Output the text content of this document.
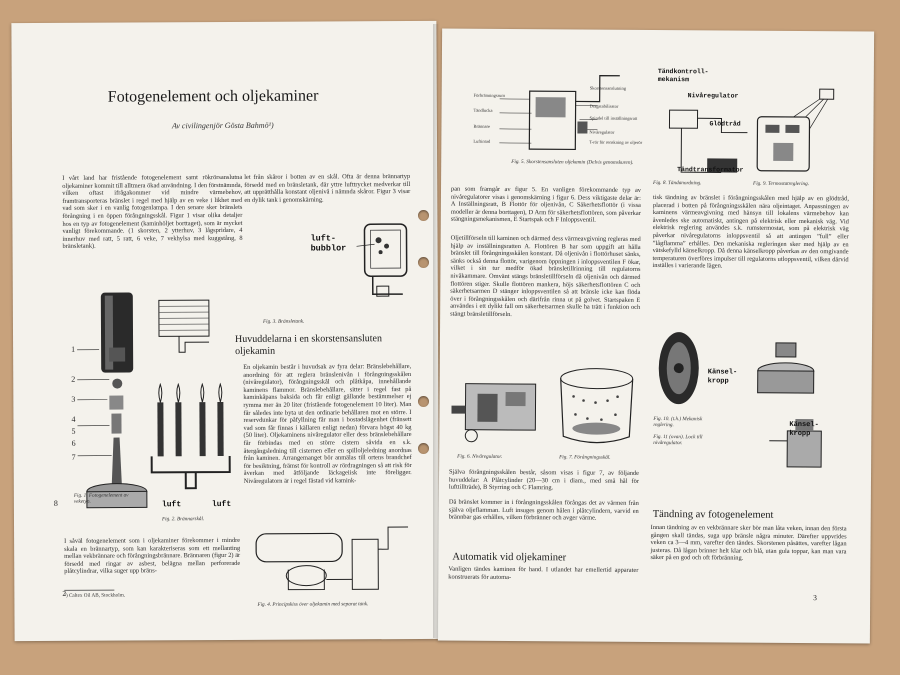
Fotogenelement och oljekaminer
Av civilingenjör Gösta Bahmö¹)

I vårt land har fristående fotogenelement samt rökrörsanslutna oljekaminer kommit till alltmera ökad användning. I den förstnämnda, vilken oftast ifrågakommer vid mindre värmebehov, framtransporteras bränslet i regel med hjälp av en veke i likhet med vad som sker i en vanlig fotogenlampa. I den senare sker bränslets förångning i en öppen förångningsskål. Figur 1 visar olika detaljer hos en typ av fotogenelement (kaminhöljet borttaget), som är mycket vanligt förekommande. (1 skorsten, 2 ytterhuv, 3 lågspridare, 4 innerhuv med ratt, 5 ratt, 6 veke, 7 vekhylsa med kuggstång, 8 bränsletank).

let från skåror i botten av en skål. Ofta är denna brännartyp försedd med en bränsletank, där yttre lufttrycket medverkar till att upprätthålla konstant oljenivå i nämnda skåror. Figur 3 visar en dylik tank i genomskärning.

luft-bubblor
Fig. 3. Bränsletank.
Huvuddelarna i en skorstensansluten oljekamin

En oljekamin består i huvudsak av fyra delar: Bränslebehållare, anordning för att reglera bränslenivån i förångningsskålen (nivåregulator), förångningsskål och plåtkåpa, innehållande kaminens flammor. Bränslebehållare, sitter i regel fast på kaminkåpans baksida och får enligt gällande bestämmelser ej rymma mer än 20 liter (fristående fotogenelement 10 liter). Man får således inte byta ut den ordinarie behållaren mot en större. I reservdunkar för påfyllning får man i bostadslägenhet (fränsett vad som får finnas i källaren enligt nedan) förvara högst 40 kg (50 liter). Oljekaminens nivåregulator eller dess bränslebehållare får förbindas med en större cistern såvida en s.k. återgångsledning till cisternen eller en spillolje​ledning anordnas från kaminen. Arrangemanget bör anmälas till ortens brandchef för besiktning, främst för kontroll av rördragningen så att risk för åverkan med åtföljande läckageiisk inte föreligger. Nivåregulatorn är i regel fästad vid kamink-

1
2
3
4
5
6
7
8
Fig. 1. Fotogenelement av veketyp.	luft	luft
Fig. 2. Brännarskål.

I såväl fotogenelement som i oljekaminer förekommer i mindre skala en brännartyp, som kan karakteriseras som ett mellanting mellan vekbrännare och förångningsbrännare. Brännaren (figur 2) är försedd med ringar av asbest, belägna mellan perforerade plåtcylindrar, vilka suger upp bräns-

Fig. 4. Principskiss över oljekamin med separat tank.
¹) Caltex Oil AB, Stockholm.
2
Förbränningsrum
Tändlucka
Brännare
Luftintad
Skorstensanslutning
Dragstabilisator
Spindel till inställningsratt
Nivåregulator
T-rör för renskning av oljerör
Fig. 5. Skorstensansluten oljekamin (Delvis genomskuren).
Tändkontroll-mekanism
Nivåregulator
Glödtråd
Tändtransformator
Fig. 8. Tändanordning.	Fig. 9. Termostatreglering.

pan som framgår av figur 5. En vanligen förekommande typ av nivåregulatorer visas i genomskärning i figur 6. Dess viktigaste delar är: A Inställningsratt, B Flottör för oljenivån, C Säkerhetsflottör (i vissa modeller är denna borttagen), D Arm för säkerhetsflottören, som påverkar stängningsmekanismen, E Startspak och F Inloppsventil.

Oljetillförseln till kaminen och därmed dess värmeavgivning regleras med hjälp av inställningsratten A. Flottören B har som uppgift att hålla bränslet till förångningsskålen konstant. Då oljenivån i flottörhuset sänks, sänks också denna flottör, varigenom öppningen i inloppsventilen F ökar, vilket i sin tur medför ökad bränsletillrinning till regulatorns nivåkammare. Omvänt stängs bränsletillförseln då oljenivån och därmed flottören stiger. Skulle flottören mankera, höjs säkerhetsflottören C och säkerhetsarmen D stänger inloppsventilen så att bränsle icke kan flöda över i förångningsskålen och därifrån rinna ut på golvet. Startspaken E användes i ett dylikt fall om säkerhetsarmen skulle ha trätt i funktion och stängt bränsletillförseln.

Fig. 6. Nivåregulator.	Fig. 7. Förångningsskål.

Själva förångningsskålen består, såsom visas i figur 7, av följande huvuddelar: A Plåtcylinder (20—30 cm i diam., med små hål för lufttillträde), B Styrring och C Flamring.

Då bränslet kommer in i förångningsskålen förångas det av värmen från själva oljeflamman. Luft insuges genom hålen i plåtcylindern, varvid en brännbar gas erhålles, vilken förbränner och avger värme.

Automatik vid oljekaminer

Vanligen tändes kaminen för hand. I utlandet har emellertid apparater konstruerats för automa-

tisk tändning av bränslet i förångningsskålen med hjälp av en glödtråd, placerad i botten på förångningsskålen nära oljeintaget. Anpassningen av kaminens värmeavgivning med hänsyn till lokalens värmebehov kan åvenledes ske automatiskt, antingen på elektrisk eller mekanisk väg. Vid elektrisk reglering användes s.k. rumstermostat, som på elektrisk väg påverkar nivåregulatorns inloppsventil så att antingen ”full” eller ”lågflamma” erhålles. Den mekaniska regleringen sker med hjälp av en vätskefylld känselkropp. Då denna känselkropp påverkas av den omgivande temperaturen överföres impulser till regulatorns utloppsventil, vilken därvid inställes i varierande lägen.

Känsel-kropp
Känsel-kropp
Fig. 10. (t.h.) Mekanisk reglering.
Fig. 11 (ovan). Lock till nivåregulator.
Tändning av fotogenelement

Innan tändning av en vekbrännare sker bör man låta veken, innan den första gången skall tändas, suga upp bränsle några minuter. Därefter uppvrides veken ca 3—4 mm, varefter den tändes. Skorstenen påsättes, varefter lågan justeras. Då lågan brinner helt klar och blå, utan gula toppar, kan man vara säker på en god och oft förbränning.

3
